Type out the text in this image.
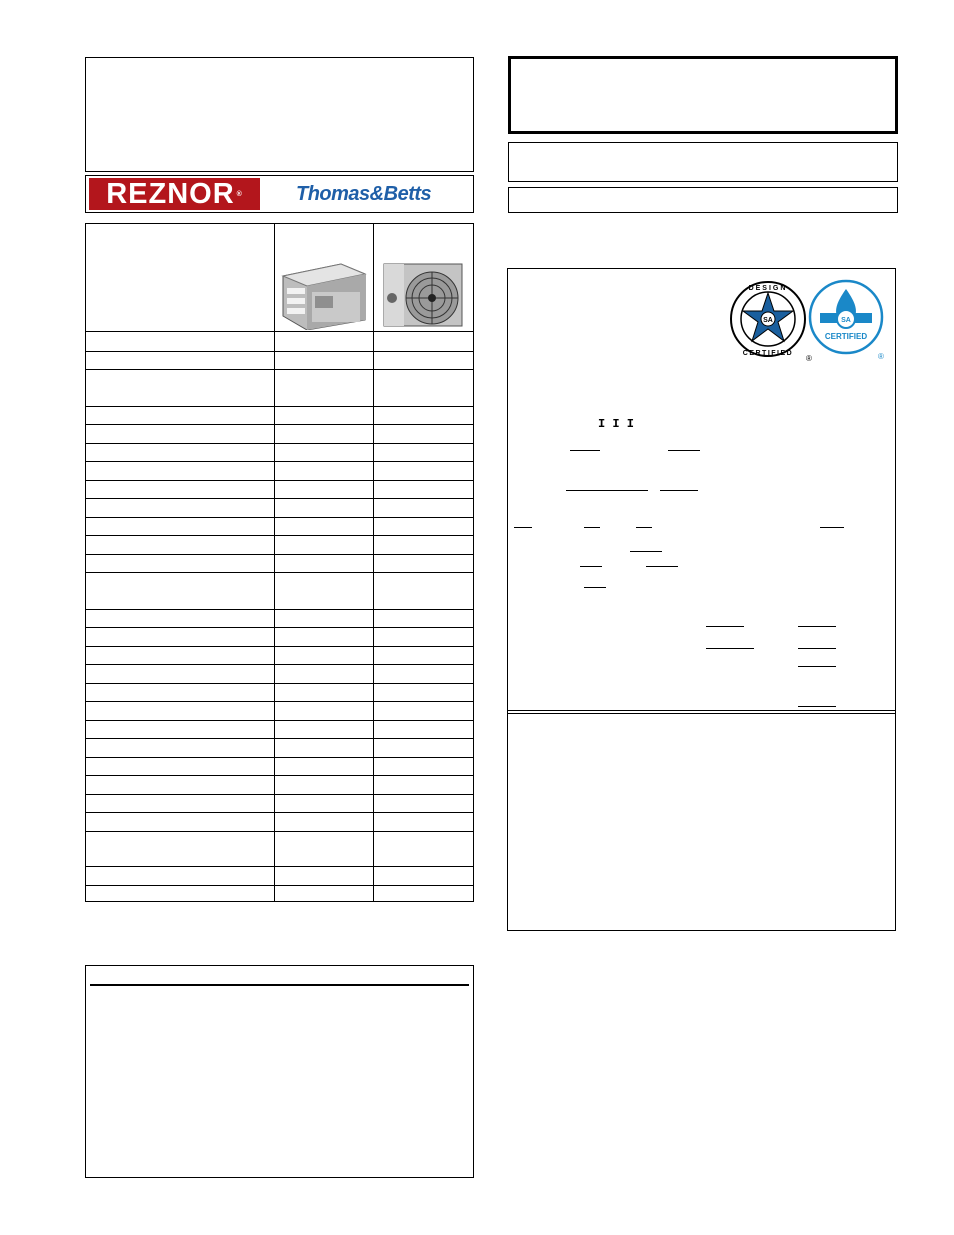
REZNOR ®	Thomas&Betts
SA
DESIGN
CERTIFIED
®
SA
CERTIFIED
®
I I I
